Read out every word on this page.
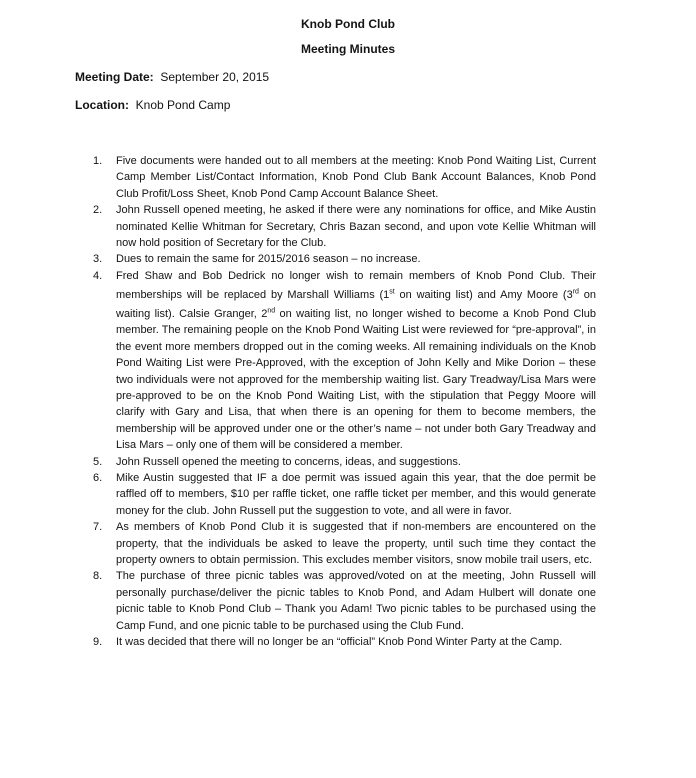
Knob Pond Club
Meeting Minutes
Meeting Date: September 20, 2015
Location: Knob Pond Camp
1. Five documents were handed out to all members at the meeting: Knob Pond Waiting List, Current Camp Member List/Contact Information, Knob Pond Club Bank Account Balances, Knob Pond Club Profit/Loss Sheet, Knob Pond Camp Account Balance Sheet.
2. John Russell opened meeting, he asked if there were any nominations for office, and Mike Austin nominated Kellie Whitman for Secretary, Chris Bazan second, and upon vote Kellie Whitman will now hold position of Secretary for the Club.
3. Dues to remain the same for 2015/2016 season – no increase.
4. Fred Shaw and Bob Dedrick no longer wish to remain members of Knob Pond Club. Their memberships will be replaced by Marshall Williams (1st on waiting list) and Amy Moore (3rd on waiting list). Calsie Granger, 2nd on waiting list, no longer wished to become a Knob Pond Club member. The remaining people on the Knob Pond Waiting List were reviewed for “pre-approval”, in the event more members dropped out in the coming weeks. All remaining individuals on the Knob Pond Waiting List were Pre-Approved, with the exception of John Kelly and Mike Dorion – these two individuals were not approved for the membership waiting list. Gary Treadway/Lisa Mars were pre-approved to be on the Knob Pond Waiting List, with the stipulation that Peggy Moore will clarify with Gary and Lisa, that when there is an opening for them to become members, the membership will be approved under one or the other’s name – not under both Gary Treadway and Lisa Mars – only one of them will be considered a member.
5. John Russell opened the meeting to concerns, ideas, and suggestions.
6. Mike Austin suggested that IF a doe permit was issued again this year, that the doe permit be raffled off to members, $10 per raffle ticket, one raffle ticket per member, and this would generate money for the club. John Russell put the suggestion to vote, and all were in favor.
7. As members of Knob Pond Club it is suggested that if non-members are encountered on the property, that the individuals be asked to leave the property, until such time they contact the property owners to obtain permission. This excludes member visitors, snow mobile trail users, etc.
8. The purchase of three picnic tables was approved/voted on at the meeting, John Russell will personally purchase/deliver the picnic tables to Knob Pond, and Adam Hulbert will donate one picnic table to Knob Pond Club – Thank you Adam! Two picnic tables to be purchased using the Camp Fund, and one picnic table to be purchased using the Club Fund.
9. It was decided that there will no longer be an “official” Knob Pond Winter Party at the Camp.
